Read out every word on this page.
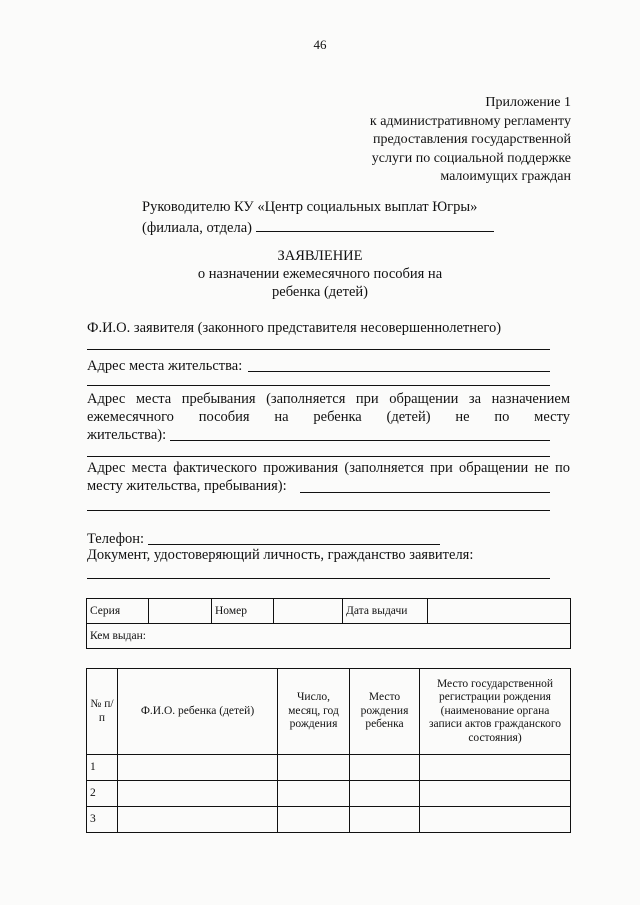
46
Приложение 1
к административному регламенту
предоставления государственной
услуги по социальной поддержке
малоимущих граждан
Руководителю КУ «Центр социальных выплат Югры»
(филиала, отдела)
ЗАЯВЛЕНИЕ
о назначении ежемесячного пособия на
ребенка (детей)
Ф.И.О. заявителя (законного представителя несовершеннолетнего)
Адрес места жительства:
Адрес места пребывания (заполняется при обращении за назначением
ежемесячного пособия на ребенка (детей) не по месту
жительства):
Адрес места фактического проживания (заполняется при обращении не по
месту жительства, пребывания):
Телефон:
Документ, удостоверяющий личность, гражданство заявителя:
Серия		Номер		Дата выдачи	
Кем выдан:
№ п/п	Ф.И.О. ребенка (детей)	Число, месяц, год рождения	Место рождения ребенка	Место государственной регистрации рождения (наименование органа записи актов гражданского состояния)
1				
2				
3				
